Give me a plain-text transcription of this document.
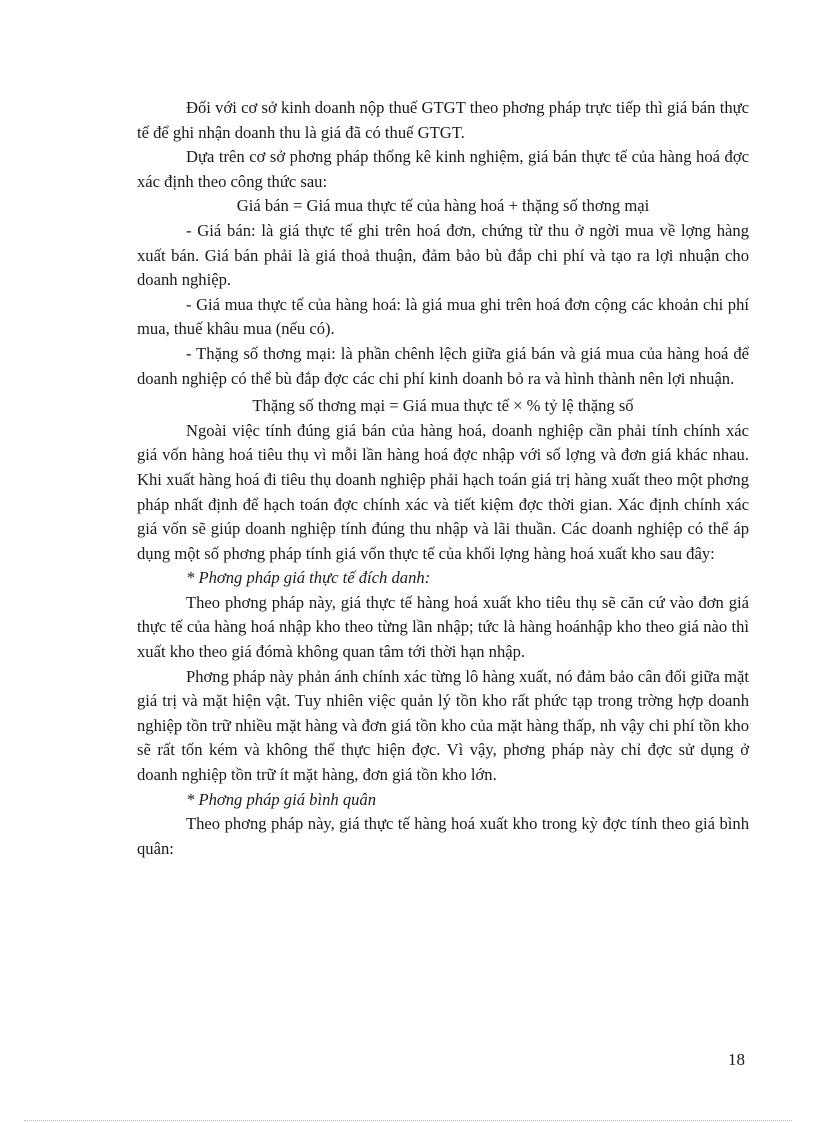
Đối với cơ sở kinh doanh nộp thuế GTGT theo phơng pháp trực tiếp thì giá bán thực tế để ghi nhận doanh thu là giá đã có thuế GTGT.

Dựa trên cơ sở phơng pháp thống kê kinh nghiệm, giá bán thực tế của hàng hoá đợc xác định theo công thức sau:

Giá bán = Giá mua thực tế của hàng hoá + thặng số thơng mại

- Giá bán: là giá thực tế ghi trên hoá đơn, chứng từ thu ở ngời mua về lợng hàng xuất bán. Giá bán phải là giá thoả thuận, đảm bảo bù đắp chi phí và tạo ra lợi nhuận cho doanh nghiệp.

- Giá mua thực tế của hàng hoá: là giá mua ghi trên hoá đơn cộng các khoản chi phí mua, thuế khâu mua (nếu có).

- Thặng số thơng mại: là phần chênh lệch giữa giá bán và giá mua của hàng hoá để doanh nghiệp có thể bù đắp đợc các chi phí kinh doanh bỏ ra và hình thành nên lợi nhuận.

Thặng số thơng mại = Giá mua thực tế × % tỷ lệ thặng số

Ngoài việc tính đúng giá bán của hàng hoá, doanh nghiệp cần phải tính chính xác giá vốn hàng hoá tiêu thụ vì mỗi lần hàng hoá đợc nhập với số lợng và đơn giá khác nhau. Khi xuất hàng hoá đi tiêu thụ doanh nghiệp phải hạch toán giá trị hàng xuất theo một phơng pháp nhất định để hạch toán đợc chính xác và tiết kiệm đợc thời gian. Xác định chính xác giá vốn sẽ giúp doanh nghiệp tính đúng thu nhập và lãi thuần. Các doanh nghiệp có thể áp dụng một số phơng pháp tính giá vốn thực tế của khối lợng hàng hoá xuất kho sau đây:

* Phơng pháp giá thực tế đích danh:

Theo phơng pháp này, giá thực tế hàng hoá xuất kho tiêu thụ sẽ căn cứ vào đơn giá thực tế của hàng hoá nhập kho theo từng lần nhập; tức là hàng hoánhập kho theo giá nào thì xuất kho theo giá đómà không quan tâm tới thời hạn nhập.

Phơng pháp này phản ánh chính xác từng lô hàng xuất, nó đảm bảo cân đối giữa mặt giá trị và mặt hiện vật. Tuy nhiên việc quản lý tồn kho rất phức tạp trong trờng hợp doanh nghiệp tồn trữ nhiều mặt hàng và đơn giá tồn kho của mặt hàng thấp, nh vậy chi phí tồn kho sẽ rất tốn kém và không thể thực hiện đợc. Vì vậy, phơng pháp này chỉ đợc sử dụng ở doanh nghiệp tồn trữ ít mặt hàng, đơn giá tồn kho lớn.

* Phơng pháp giá bình quân

Theo phơng pháp này, giá thực tế hàng hoá xuất kho trong kỳ đợc tính theo giá bình quân:

18
